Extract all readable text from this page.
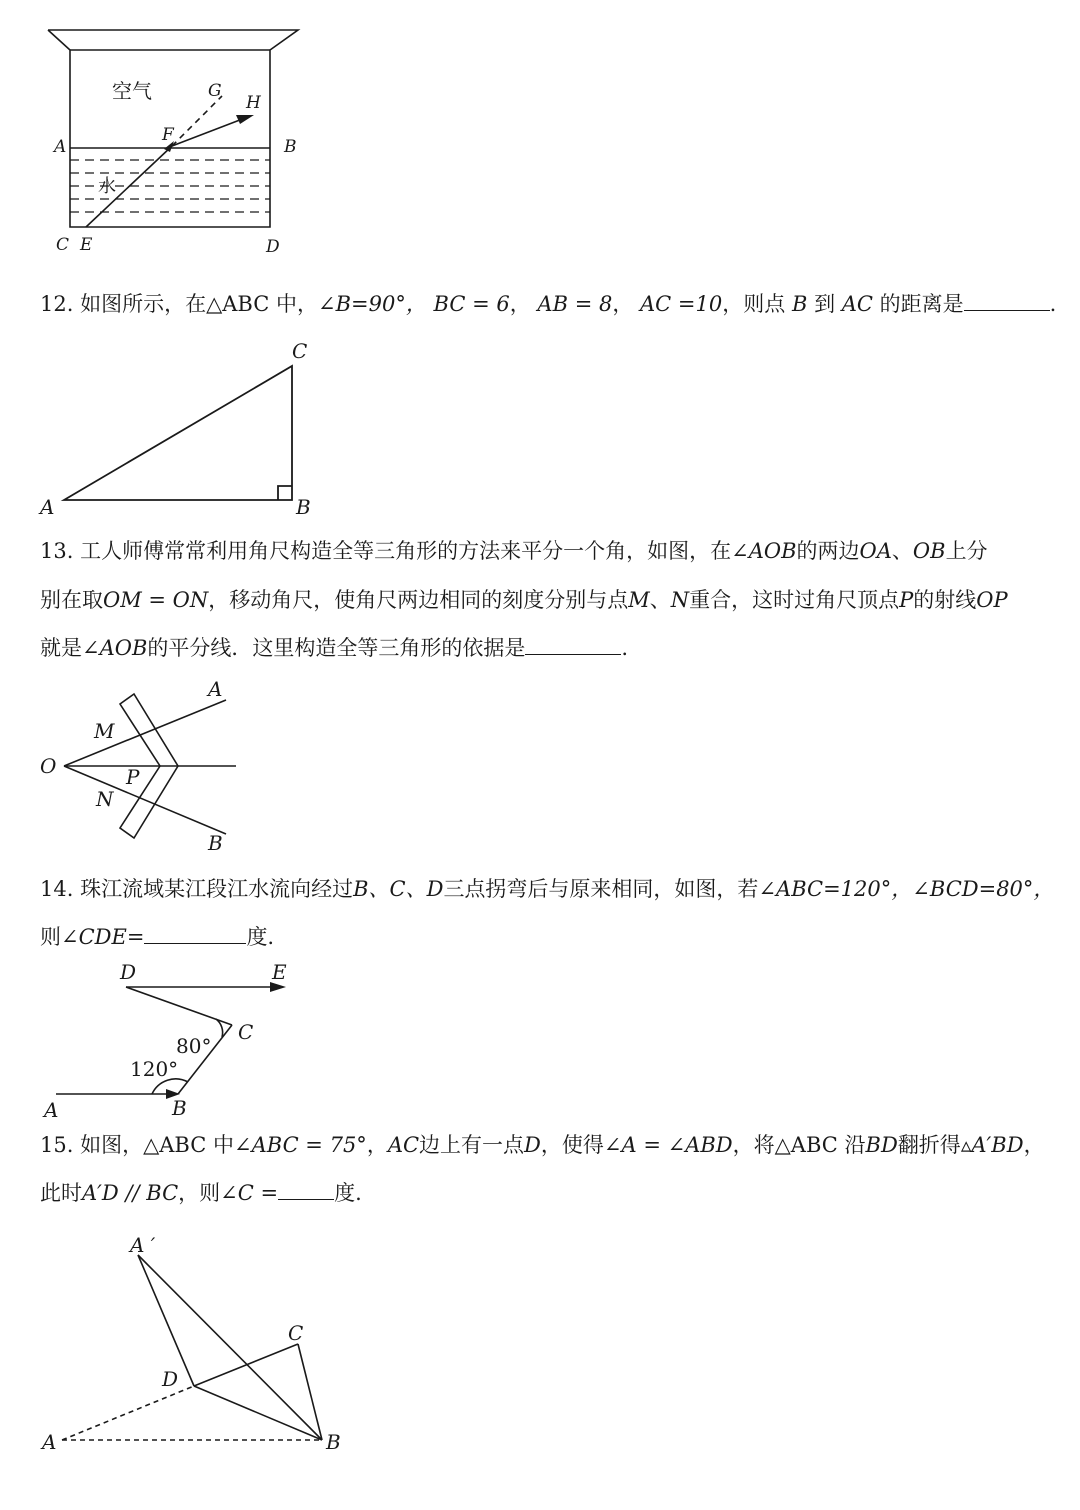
空气
水
A	B
C E	D
F
G
H
12. 如图所示，在△ABC 中，∠B=90°， BC = 6， AB = 8， AC =10，则点 B 到 AC 的距离是	.
A	B
C
13. 工人师傅常常利用角尺构造全等三角形的方法来平分一个角，如图，在∠AOB的两边OA、OB上分
别在取OM = ON，移动角尺，使角尺两边相同的刻度分别与点M、N重合，这时过角尺顶点P的射线OP
就是∠AOB的平分线．这里构造全等三角形的依据是	.
A
B
O
M
N
P
14. 珠江流域某江段江水流向经过B、C、D三点拐弯后与原来相同，如图，若∠ABC=120°，∠BCD=80°，
则∠CDE=	度.
A	B
C
D	E
80°
120°
15. 如图，△ABC 中∠ABC = 75°，AC边上有一点D，使得∠A = ∠ABD，将△ABC 沿BD翻折得▵A′BD，
此时A′D // BC，则∠C =	度.
A	B
C
D
A ′
